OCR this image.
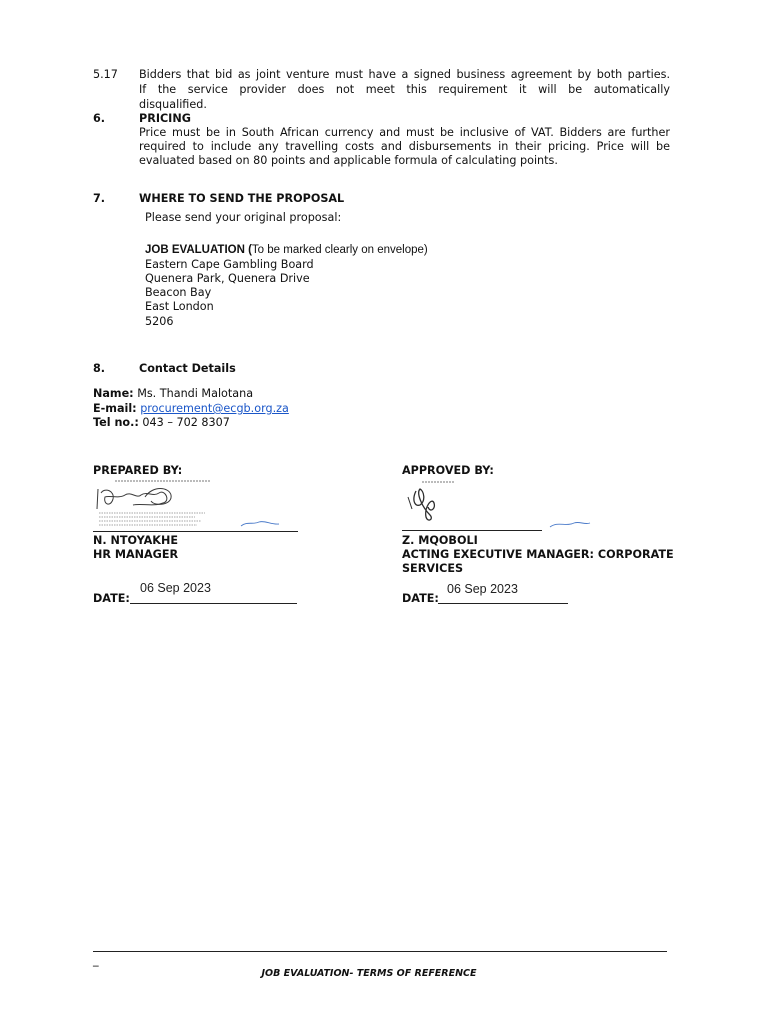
5.17	Bidders that bid as joint venture must have a signed business agreement by both parties.
If the service provider does not meet this requirement it will be automatically
disqualified.
6.	PRICING
Price must be in South African currency and must be inclusive of VAT. Bidders are further
required to include any travelling costs and disbursements in their pricing. Price will be
evaluated based on 80 points and applicable formula of calculating points.
7.	WHERE TO SEND THE PROPOSAL
Please send your original proposal:
JOB EVALUATION (To be marked clearly on envelope)
Eastern Cape Gambling Board
Quenera Park, Quenera Drive
Beacon Bay
East London
5206
8.	Contact Details
Name: Ms. Thandi Malotana
E-mail: procurement@ecgb.org.za
Tel no.: 043 – 702 8307
PREPARED BY:
N. NTOYAKHE
HR MANAGER
DATE:
06 Sep 2023
APPROVED BY:
Z. MQOBOLI
ACTING EXECUTIVE MANAGER: CORPORATE
SERVICES
DATE:
06 Sep 2023
_
JOB EVALUATION- TERMS OF REFERENCE
